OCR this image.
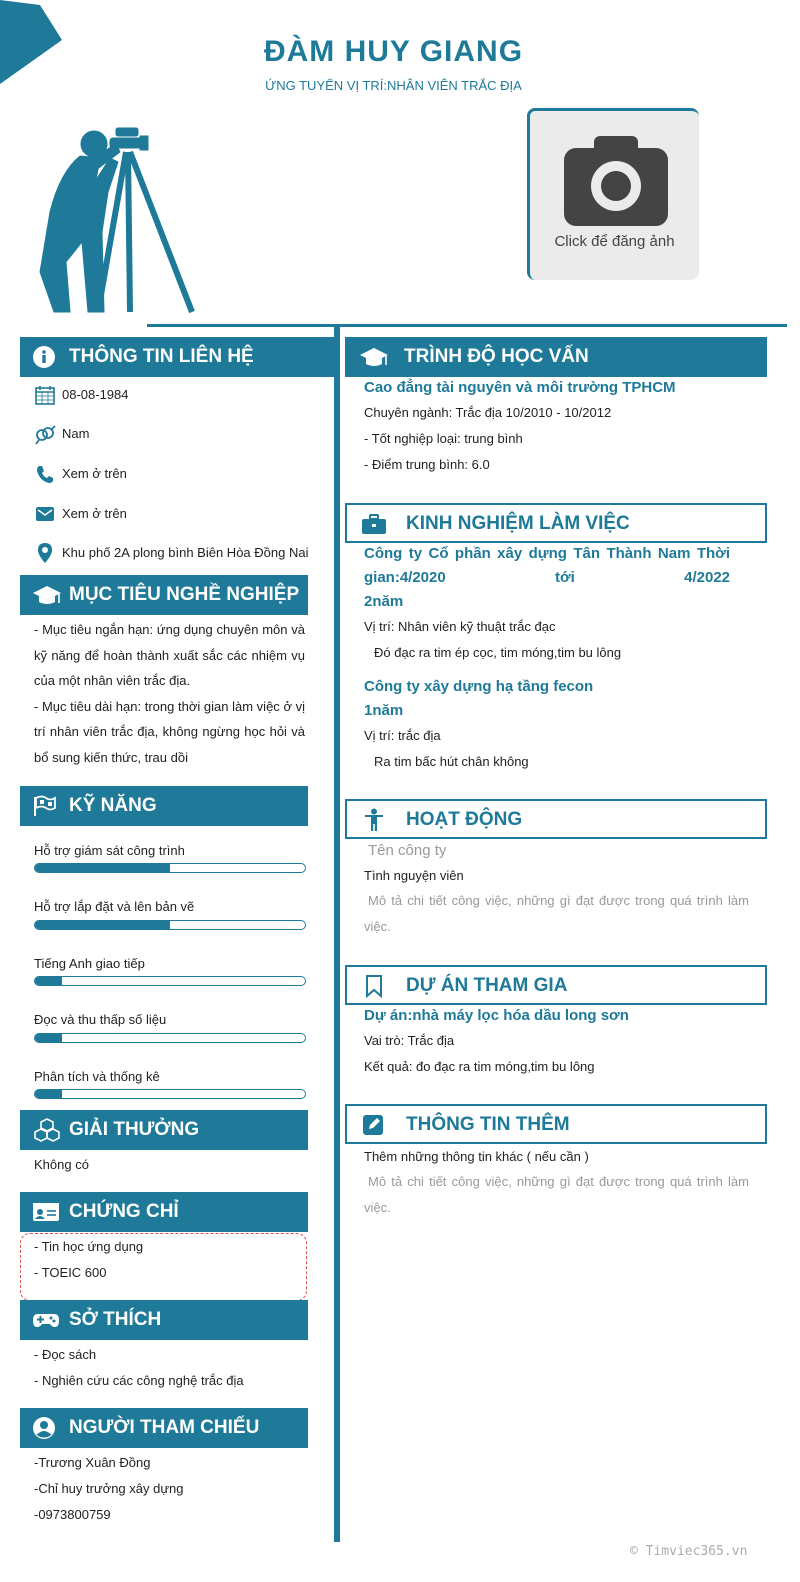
ĐÀM HUY GIANG
ỨNG TUYỂN VỊ TRÍ:NHÂN VIÊN TRẮC ĐỊA
Click để đăng ảnh
THÔNG TIN LIÊN HỆ
08-08-1984
Nam
Xem ở trên
Xem ở trên
Khu phố 2A plong bình Biên Hòa Đồng Nai
MỤC TIÊU NGHỀ NGHIỆP

- Mục tiêu ngắn hạn: ứng dụng chuyên môn và kỹ năng để hoàn thành xuất sắc các nhiệm vụ của một nhân viên trắc địa.

- Mục tiêu dài hạn: trong thời gian làm việc ở vị trí nhân viên trắc địa, không ngừng học hỏi và bổ sung kiến thức, trau dồi

KỸ NĂNG
Hỗ trợ giám sát công trình
Hỗ trợ lắp đặt và lên bản vẽ
Tiếng Anh giao tiếp
Đọc và thu thấp số liệu
Phân tích và thống kê
GIẢI THƯỞNG
Không có
CHỨNG CHỈ
- Tin học ứng dụng
- TOEIC 600
SỞ THÍCH
- Đọc sách
- Nghiên cứu các công nghệ trắc địa
NGƯỜI THAM CHIẾU
-Trương Xuân Đồng
-Chỉ huy trưởng xây dựng
-0973800759
TRÌNH ĐỘ HỌC VẤN
Cao đẳng tài nguyên và môi trường TPHCM
Chuyên ngành: Trắc địa 10/2010 - 10/2012
- Tốt nghiệp loại: trung bình
- Điểm trung bình: 6.0
KINH NGHIỆM LÀM VIỆC
Công ty Cổ phần xây dựng Tân Thành Nam Thời gian:4/2020 tới 4/2022
2năm
Vị trí: Nhân viên kỹ thuật trắc đạc
Đó đạc ra tim ép cọc, tim móng,tim bu lông
Công ty xây dựng hạ tầng fecon
1năm
Vị trí: trắc địa
Ra tim bấc hút chân không
HOẠT ĐỘNG
Tên công ty
Tình nguyện viên
Mô tả chi tiết công việc, những gì đạt được trong quá trình làm việc.
DỰ ÁN THAM GIA
Dự án:nhà máy lọc hóa dầu long sơn
Vai trò: Trắc địa
Kết quả: đo đạc ra tim móng,tim bu lông
THÔNG TIN THÊM
Thêm những thông tin khác ( nếu cần )
Mô tả chi tiết công việc, những gì đạt được trong quá trình làm việc.
© Timviec365.vn
